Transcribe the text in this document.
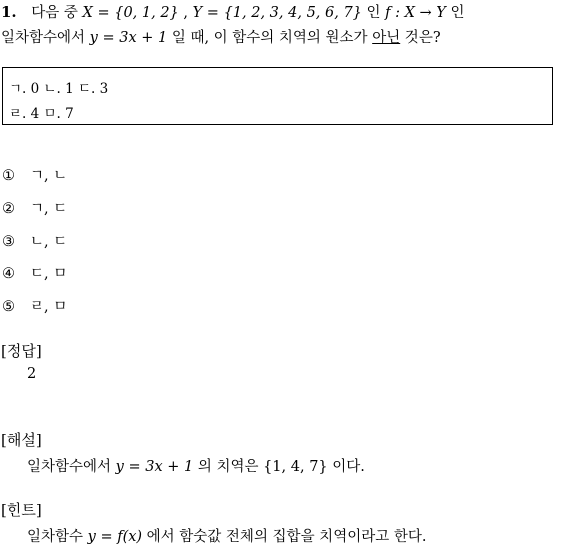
1. 다음 중 X = {0, 1, 2} , Y = {1, 2, 3, 4, 5, 6, 7} 인 f : X → Y 인
일차함수에서 y = 3x + 1 일 때, 이 함수의 치역의 원소가 아닌 것은?
ㄱ. 0 ㄴ. 1 ㄷ. 3
ㄹ. 4 ㅁ. 7
① ㄱ, ㄴ
② ㄱ, ㄷ
③ ㄴ, ㄷ
④ ㄷ, ㅁ
⑤ ㄹ, ㅁ
[정답]
2
[해설]
일차함수에서 y = 3x + 1 의 치역은 {1, 4, 7} 이다.
[힌트]
일차함수 y = f(x) 에서 함숫값 전체의 집합을 치역이라고 한다.
